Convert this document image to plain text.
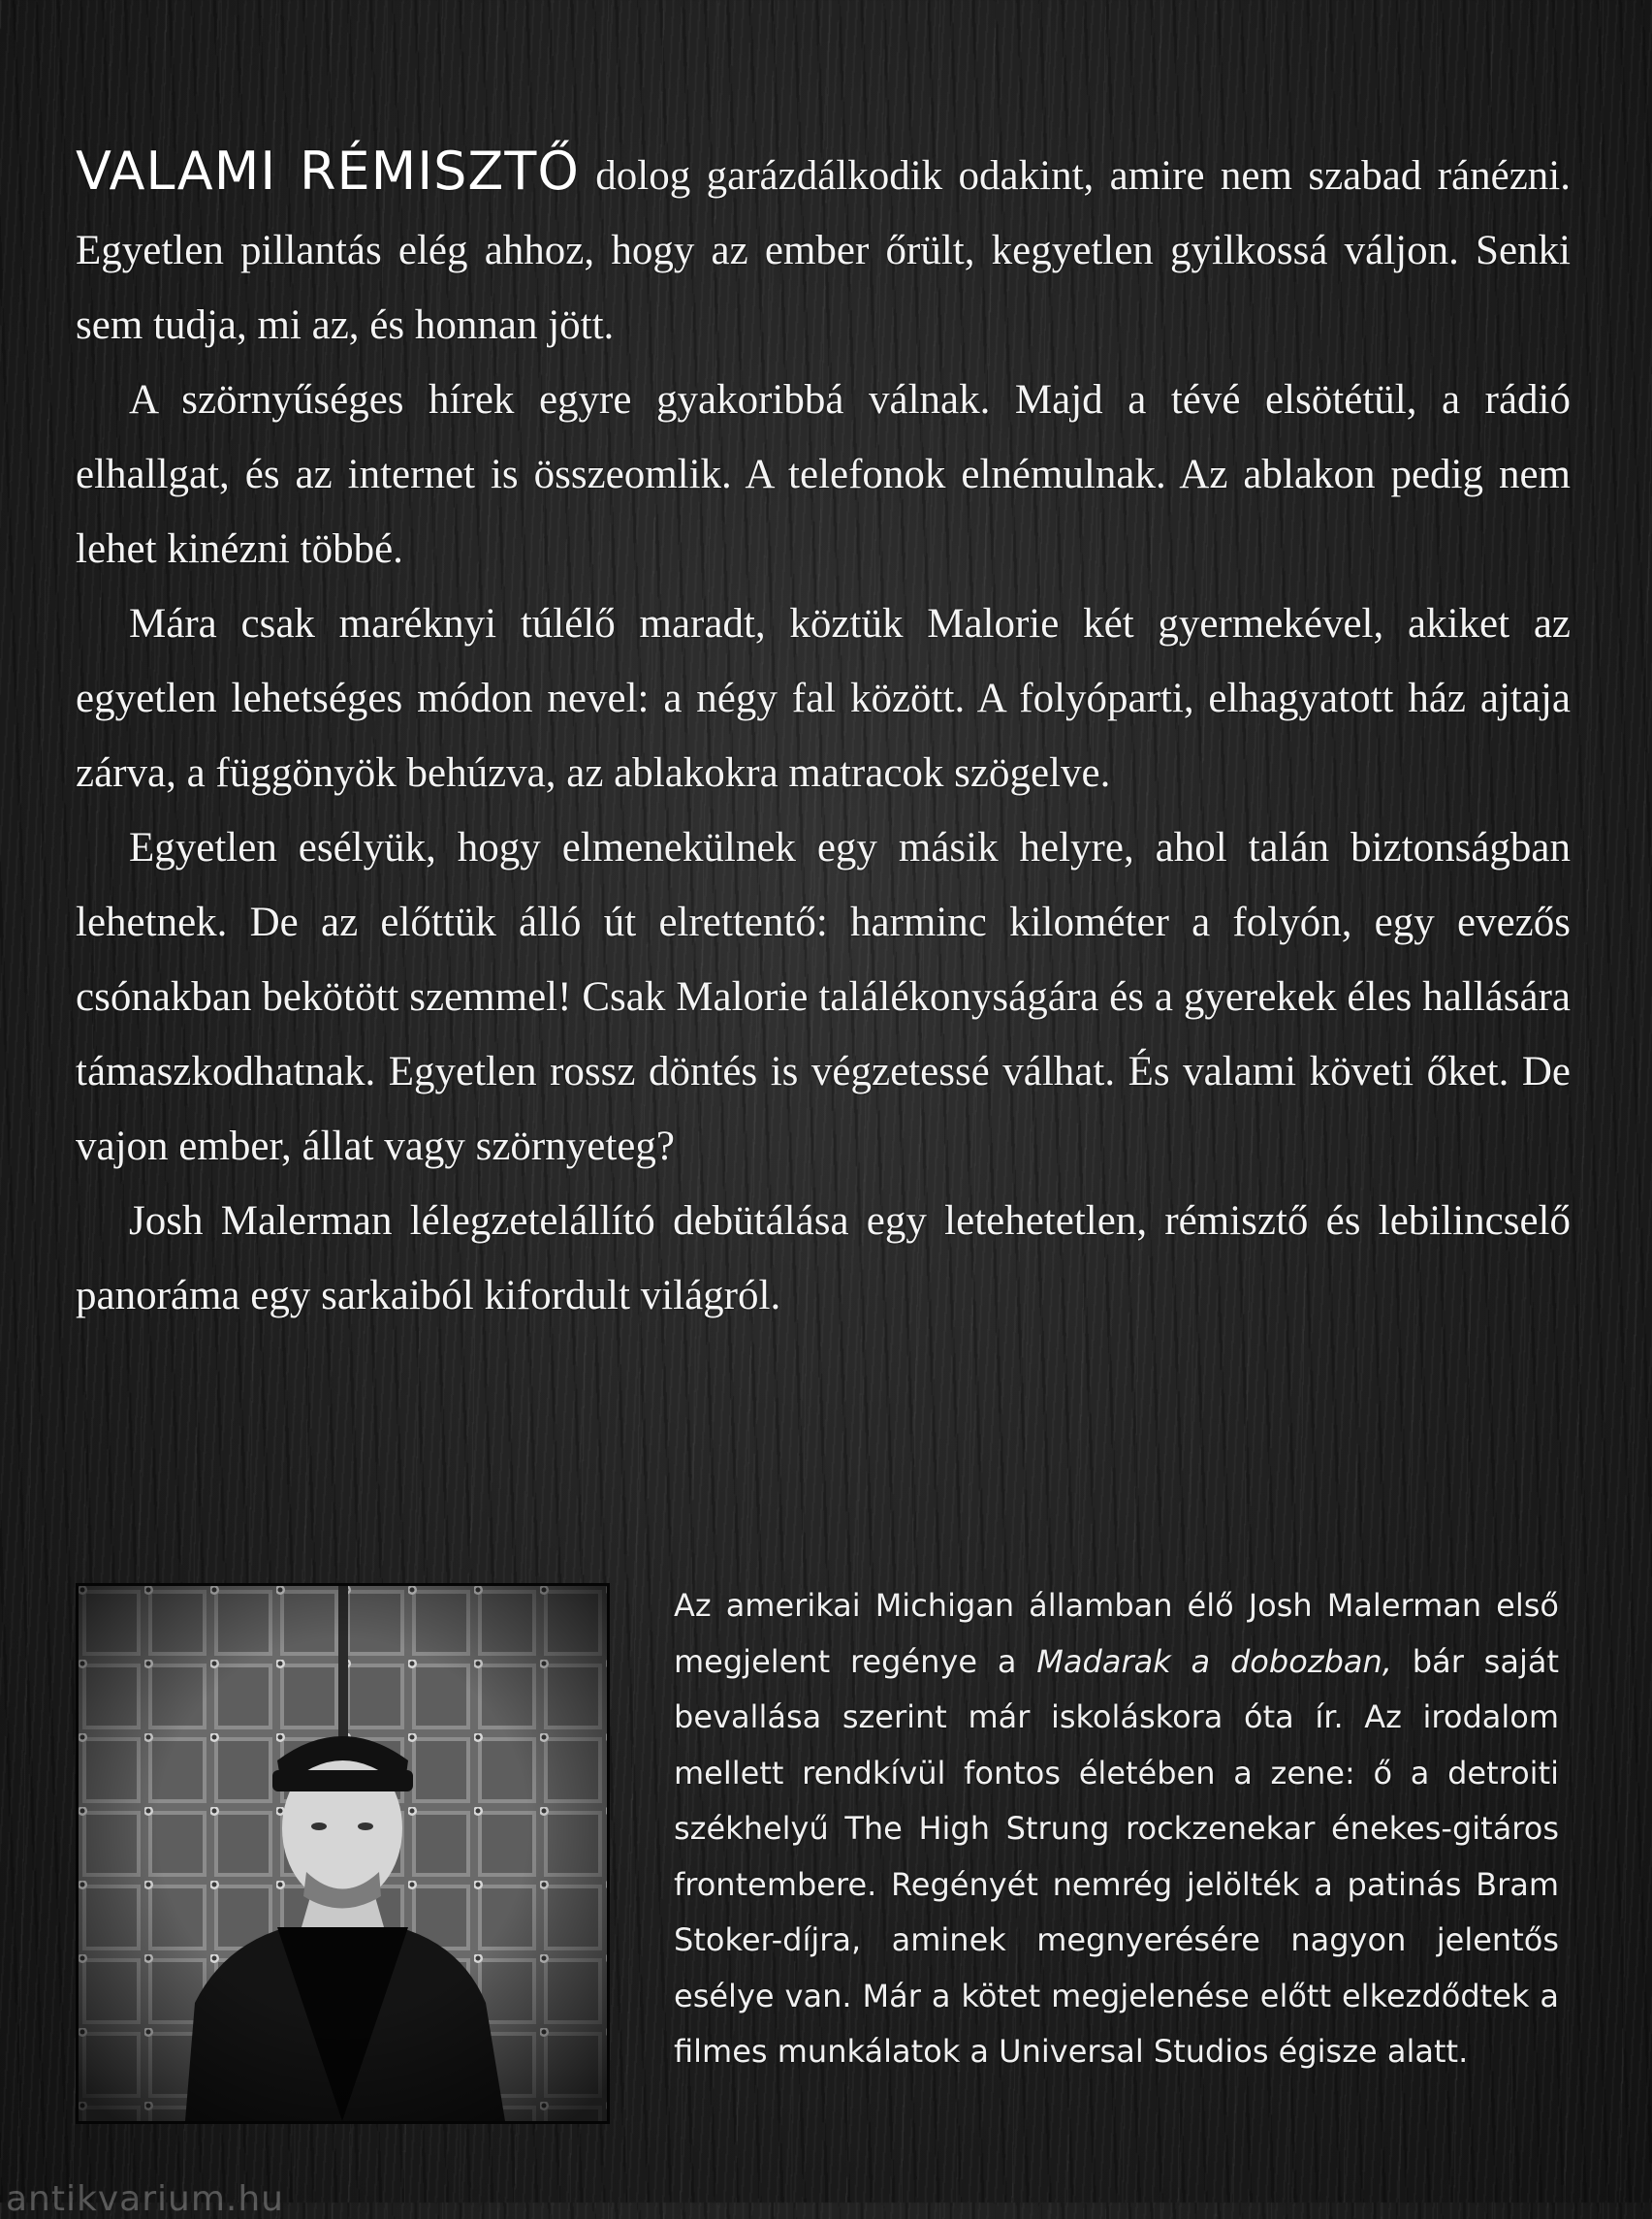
VALAMI RÉMISZTŐ dolog garázdálkodik odakint, amire nem szabad ránézni. Egyetlen pillantás elég ahhoz, hogy az ember őrült, kegyetlen gyilkossá váljon. Senki sem tudja, mi az, és honnan jött.

A szörnyűséges hírek egyre gyakoribbá válnak. Majd a tévé elsötétül, a rádió elhallgat, és az internet is összeomlik. A telefonok elnémulnak. Az ablakon pedig nem lehet kinézni többé.

Mára csak maréknyi túlélő maradt, köztük Malorie két gyermekével, akiket az egyetlen lehetséges módon nevel: a négy fal között. A folyóparti, elhagyatott ház ajtaja zárva, a függönyök behúzva, az ablakokra matracok szögelve.

Egyetlen esélyük, hogy elmenekülnek egy másik helyre, ahol talán biztonságban lehetnek. De az előttük álló út elrettentő: harminc kilométer a folyón, egy evezős csónakban bekötött szemmel! Csak Malorie találékonyságára és a gyerekek éles hallására támaszkodhatnak. Egyetlen rossz döntés is végzetessé válhat. És valami követi őket. De vajon ember, állat vagy szörnyeteg?

Josh Malerman lélegzetelállító debütálása egy letehetetlen, rémisztő és lebilincselő panoráma egy sarkaiból kifordult világról.

Az amerikai Michigan államban élő Josh Malerman első megjelent regénye a Madarak a dobozban, bár saját bevallása szerint már iskoláskora óta ír. Az irodalom mellett rendkívül fontos életében a zene: ő a detroiti székhelyű The High Strung rockzenekar énekes-gitáros frontembere. Regényét nemrég jelölték a patinás Bram Stoker-díjra, aminek megnyerésére nagyon jelentős esélye van. Már a kötet megjelenése előtt elkezdődtek a filmes munkálatok a Universal Studios égisze alatt.
antikvarium.hu
